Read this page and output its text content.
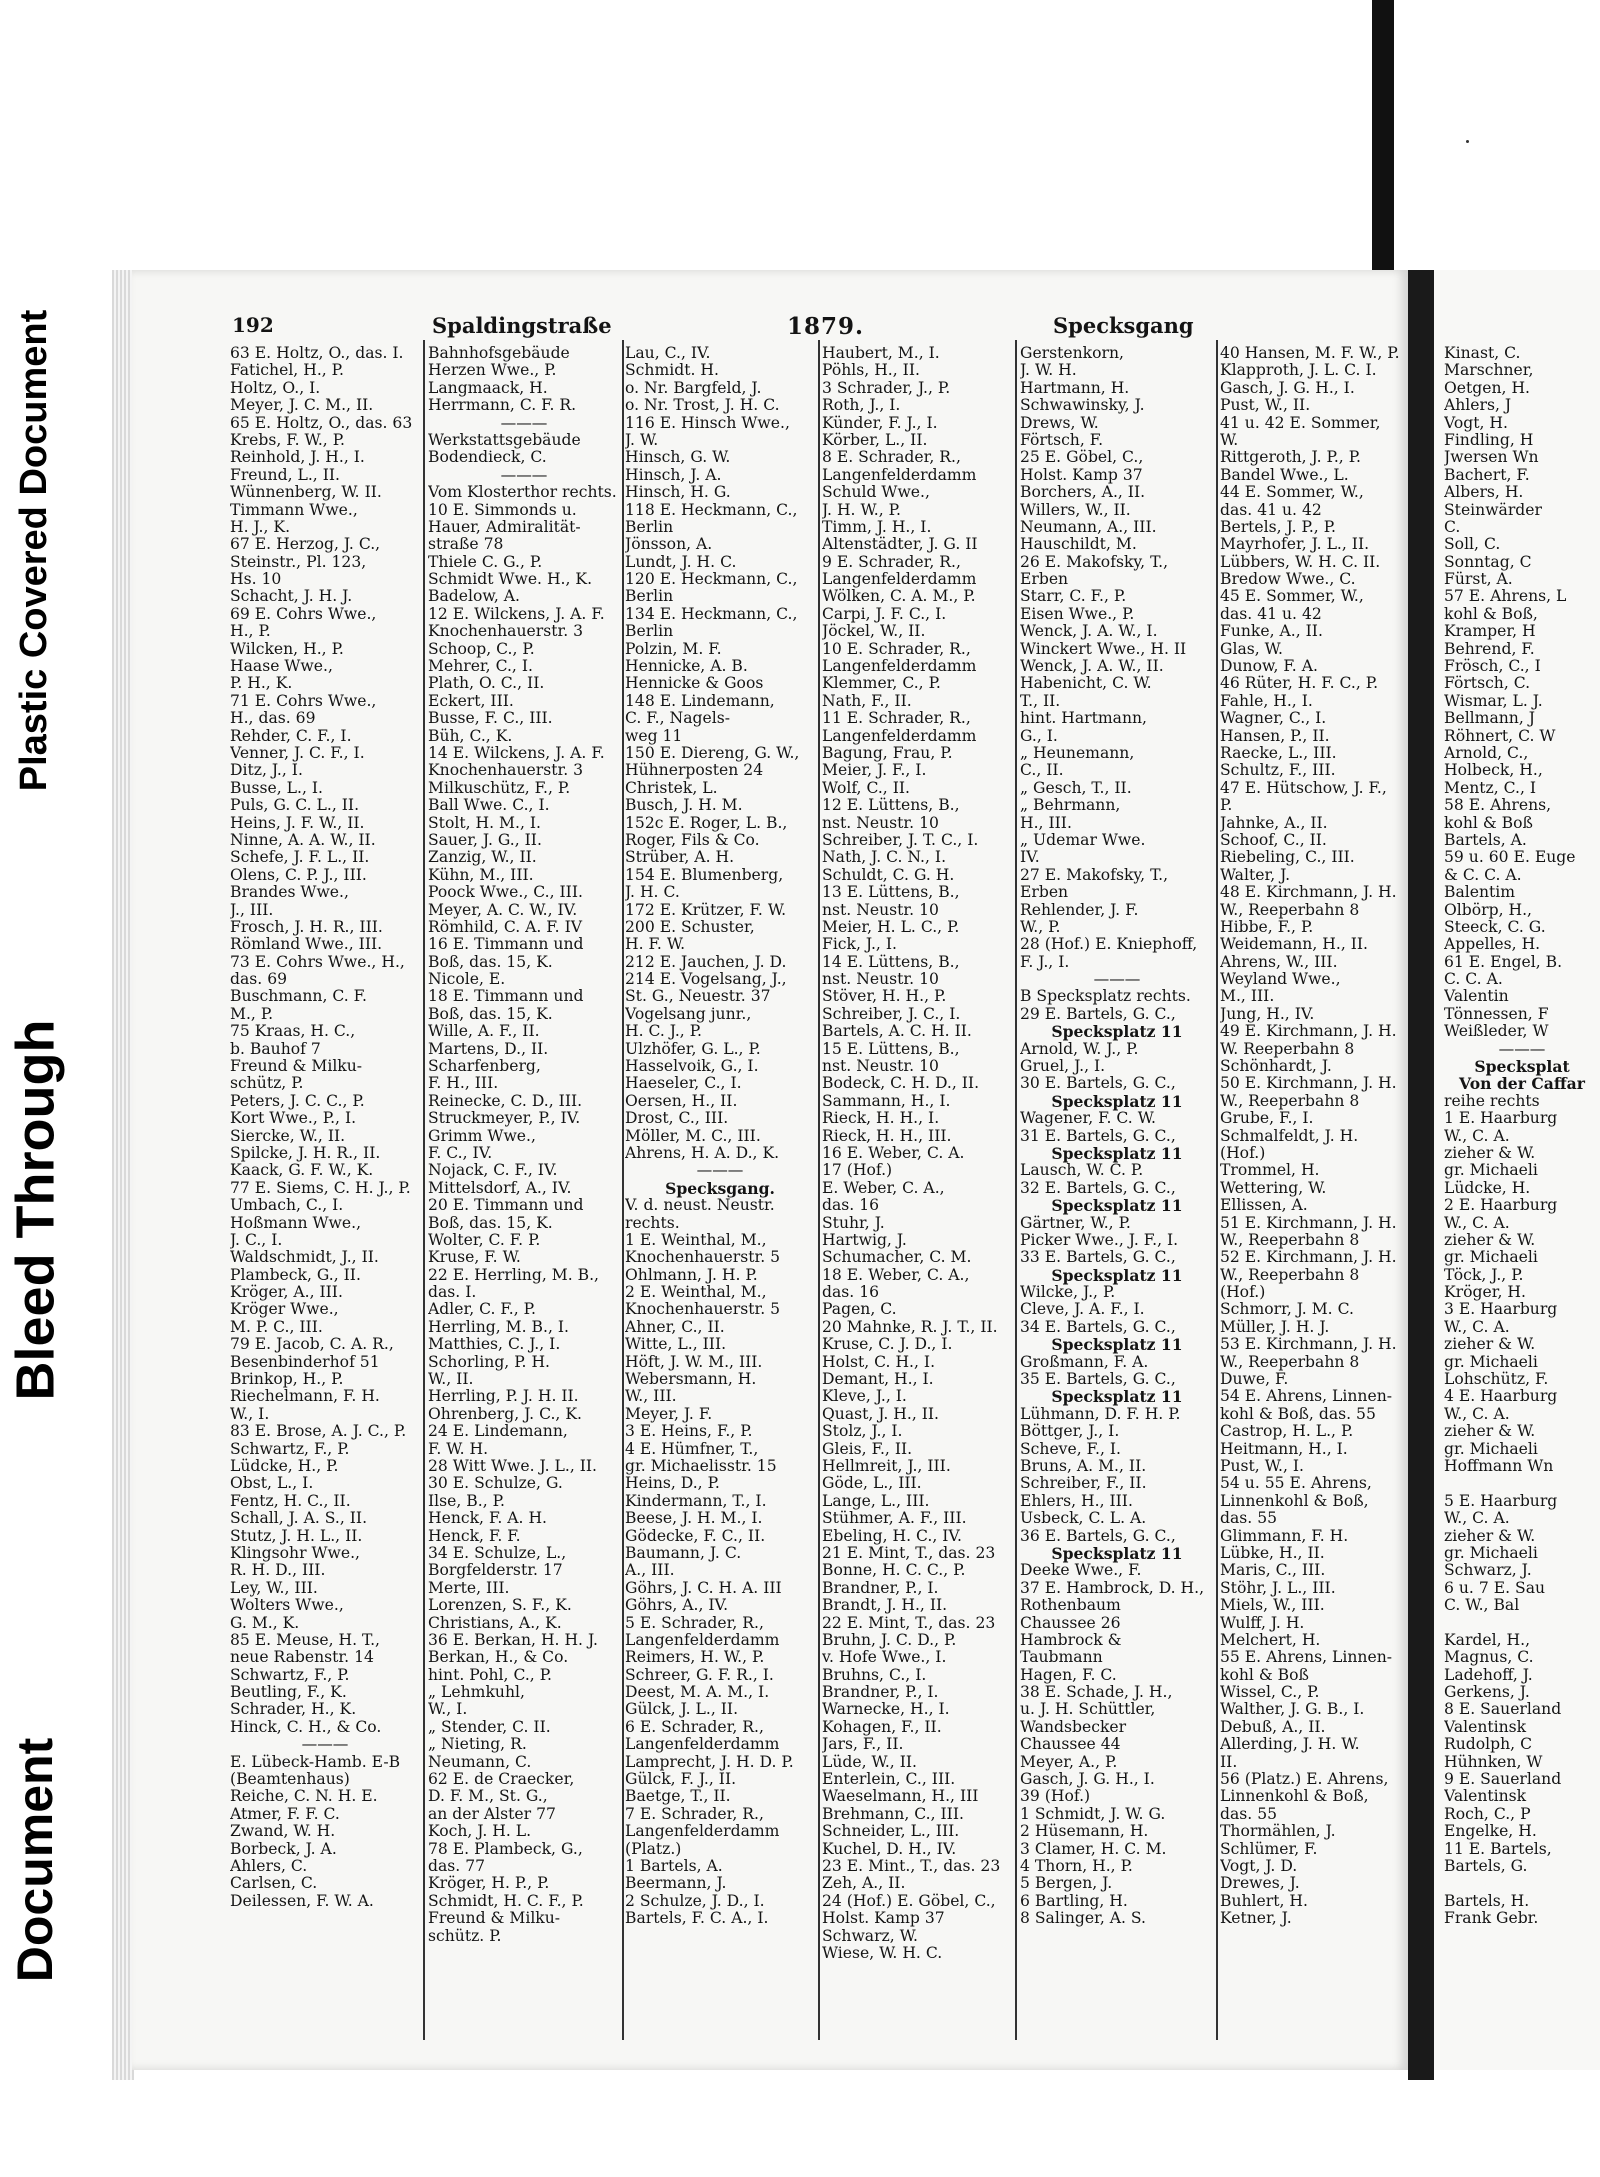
Plastic Covered Document
Bleed Through
Document
192	Spaldingstraße	1879.	Specksgang
63 E. Holtz, O., das. I.
Fatichel, H., P.
Holtz, O., I.
Meyer, J. C. M., II.
65 E. Holtz, O., das. 63
Krebs, F. W., P.
Reinhold, J. H., I.
Freund, L., II.
Wünnenberg, W. II.
Timmann Wwe.,
H. J., K.
67 E. Herzog, J. C.,
Steinstr., Pl. 123,
Hs. 10
Schacht, J. H. J.
69 E. Cohrs Wwe.,
H., P.
Wilcken, H., P.
Haase Wwe.,
P. H., K.
71 E. Cohrs Wwe.,
H., das. 69
Rehder, C. F., I.
Venner, J. C. F., I.
Ditz, J., I.
Busse, L., I.
Puls, G. C. L., II.
Heins, J. F. W., II.
Ninne, A. A. W., II.
Schefe, J. F. L., II.
Olens, C. P. J., III.
Brandes Wwe.,
J., III.
Frosch, J. H. R., III.
Römland Wwe., III.
73 E. Cohrs Wwe., H.,
das. 69
Buschmann, C. F.
M., P.
75 Kraas, H. C.,
b. Bauhof 7
Freund & Milku-
schütz, P.
Peters, J. C. C., P.
Kort Wwe., P., I.
Siercke, W., II.
Spilcke, J. H. R., II.
Kaack, G. F. W., K.
77 E. Siems, C. H. J., P.
Umbach, C., I.
Hoßmann Wwe.,
J. C., I.
Waldschmidt, J., II.
Plambeck, G., II.
Kröger, A., III.
Kröger Wwe.,
M. P. C., III.
79 E. Jacob, C. A. R.,
Besenbinderhof 51
Brinkop, H., P.
Riechelmann, F. H.
W., I.
83 E. Brose, A. J. C., P.
Schwartz, F., P.
Lüdcke, H., P.
Obst, L., I.
Fentz, H. C., II.
Schall, J. A. S., II.
Stutz, J. H. L., II.
Klingsohr Wwe.,
R. H. D., III.
Ley, W., III.
Wolters Wwe.,
G. M., K.
85 E. Meuse, H. T.,
neue Rabenstr. 14
Schwartz, F., P.
Beutling, F., K.
Schrader, H., K.
Hinck, C. H., & Co.
———
E. Lübeck-Hamb. E-B
(Beamtenhaus)
Reiche, C. N. H. E.
Atmer, F. F. C.
Zwand, W. H.
Borbeck, J. A.
Ahlers, C.
Carlsen, C.
Deilessen, F. W. A.
Bahnhofsgebäude
Herzen Wwe., P.
Langmaack, H.
Herrmann, C. F. R.
———
Werkstattsgebäude
Bodendieck, C.
———
Vom Klosterthor rechts.
10 E. Simmonds u.
Hauer, Admiralität-
straße 78
Thiele C. G., P.
Schmidt Wwe. H., K.
Badelow, A.
12 E. Wilckens, J. A. F.
Knochenhauerstr. 3
Schoop, C., P.
Mehrer, C., I.
Plath, O. C., II.
Eckert, III.
Busse, F. C., III.
Büh, C., K.
14 E. Wilckens, J. A. F.
Knochenhauerstr. 3
Milkuschütz, F., P.
Ball Wwe. C., I.
Stolt, H. M., I.
Sauer, J. G., II.
Zanzig, W., II.
Kühn, M., III.
Poock Wwe., C., III.
Meyer, A. C. W., IV.
Römhild, C. A. F. IV
16 E. Timmann und
Boß, das. 15, K.
Nicole, E.
18 E. Timmann und
Boß, das. 15, K.
Wille, A. F., II.
Martens, D., II.
Scharfenberg,
F. H., III.
Reinecke, C. D., III.
Struckmeyer, P., IV.
Grimm Wwe.,
F. C., IV.
Nojack, C. F., IV.
Mittelsdorf, A., IV.
20 E. Timmann und
Boß, das. 15, K.
Wolter, C. F. P.
Kruse, F. W.
22 E. Herrling, M. B.,
das. I.
Adler, C. F., P.
Herrling, M. B., I.
Matthies, C. J., I.
Schorling, P. H.
W., II.
Herrling, P. J. H. II.
Ohrenberg, J. C., K.
24 E. Lindemann,
F. W. H.
28 Witt Wwe. J. L., II.
30 E. Schulze, G.
Ilse, B., P.
Henck, F. A. H.
Henck, F. F.
34 E. Schulze, L.,
Borgfelderstr. 17
Merte, III.
Lorenzen, S. F., K.
Christians, A., K.
36 E. Berkan, H. H. J.
Berkan, H., & Co.
hint. Pohl, C., P.
„ Lehmkuhl,
W., I.
„ Stender, C. II.
„ Nieting, R.
Neumann, C.
62 E. de Craecker,
D. F. M., St. G.,
an der Alster 77
Koch, J. H. L.
78 E. Plambeck, G.,
das. 77
Kröger, H. P., P.
Schmidt, H. C. F., P.
Freund & Milku-
schütz. P.
Lau, C., IV.
Schmidt. H.
o. Nr. Bargfeld, J.
o. Nr. Trost, J. H. C.
116 E. Hinsch Wwe.,
J. W.
Hinsch, G. W.
Hinsch, J. A.
Hinsch, H. G.
118 E. Heckmann, C.,
Berlin
Jönsson, A.
Lundt, J. H. C.
120 E. Heckmann, C.,
Berlin
134 E. Heckmann, C.,
Berlin
Polzin, M. F.
Hennicke, A. B.
Hennicke & Goos
148 E. Lindemann,
C. F., Nagels-
weg 11
150 E. Diereng, G. W.,
Hühnerposten 24
Christek, L.
Busch, J. H. M.
152c E. Roger, L. B.,
Roger, Fils & Co.
Strüber, A. H.
154 E. Blumenberg,
J. H. C.
172 E. Krützer, F. W.
200 E. Schuster,
H. F. W.
212 E. Jauchen, J. D.
214 E. Vogelsang, J.,
St. G., Neuestr. 37
Vogelsang junr.,
H. C. J., P.
Ulzhöfer, G. L., P.
Hasselvoik, G., I.
Haeseler, C., I.
Oersen, H., II.
Drost, C., III.
Möller, M. C., III.
Ahrens, H. A. D., K.
———
Specksgang.
V. d. neust. Neustr.
rechts.
1 E. Weinthal, M.,
Knochenhauerstr. 5
Ohlmann, J. H. P.
2 E. Weinthal, M.,
Knochenhauerstr. 5
Ahner, C., II.
Witte, L., III.
Höft, J. W. M., III.
Webersmann, H.
W., III.
Meyer, J. F.
3 E. Heins, F., P.
4 E. Hümfner, T.,
gr. Michaelisstr. 15
Heins, D., P.
Kindermann, T., I.
Beese, J. H. M., I.
Gödecke, F. C., II.
Baumann, J. C.
A., III.
Göhrs, J. C. H. A. III
Göhrs, A., IV.
5 E. Schrader, R.,
Langenfelderdamm
Reimers, H. W., P.
Schreer, G. F. R., I.
Deest, M. A. M., I.
Gülck, J. L., II.
6 E. Schrader, R.,
Langenfelderdamm
Lamprecht, J. H. D. P.
Gülck, F. J., II.
Baetge, T., II.
7 E. Schrader, R.,
Langenfelderdamm
(Platz.)
1 Bartels, A.
Beermann, J.
2 Schulze, J. D., I.
Bartels, F. C. A., I.
Haubert, M., I.
Pöhls, H., II.
3 Schrader, J., P.
Roth, J., I.
Künder, F. J., I.
Körber, L., II.
8 E. Schrader, R.,
Langenfelderdamm
Schuld Wwe.,
J. H. W., P.
Timm, J. H., I.
Altenstädter, J. G. II
9 E. Schrader, R.,
Langenfelderdamm
Wölken, C. A. M., P.
Carpi, J. F. C., I.
Jöckel, W., II.
10 E. Schrader, R.,
Langenfelderdamm
Klemmer, C., P.
Nath, F., II.
11 E. Schrader, R.,
Langenfelderdamm
Bagung, Frau, P.
Meier, J. F., I.
Wolf, C., II.
12 E. Lüttens, B.,
nst. Neustr. 10
Schreiber, J. T. C., I.
Nath, J. C. N., I.
Schuldt, C. G. H.
13 E. Lüttens, B.,
nst. Neustr. 10
Meier, H. L. C., P.
Fick, J., I.
14 E. Lüttens, B.,
nst. Neustr. 10
Stöver, H. H., P.
Schreiber, J. C., I.
Bartels, A. C. H. II.
15 E. Lüttens, B.,
nst. Neustr. 10
Bodeck, C. H. D., II.
Sammann, H., I.
Rieck, H. H., I.
Rieck, H. H., III.
16 E. Weber, C. A.
17 (Hof.)
E. Weber, C. A.,
das. 16
Stuhr, J.
Hartwig, J.
Schumacher, C. M.
18 E. Weber, C. A.,
das. 16
Pagen, C.
20 Mahnke, R. J. T., II.
Kruse, C. J. D., I.
Holst, C. H., I.
Demant, H., I.
Kleve, J., I.
Quast, J. H., II.
Stolz, J., I.
Gleis, F., II.
Hellmreit, J., III.
Göde, L., III.
Lange, L., III.
Stühmer, A. F., III.
Ebeling, H. C., IV.
21 E. Mint, T., das. 23
Bonne, H. C. C., P.
Brandner, P., I.
Brandt, J. H., II.
22 E. Mint, T., das. 23
Bruhn, J. C. D., P.
v. Hofe Wwe., I.
Bruhns, C., I.
Brandner, P., I.
Warnecke, H., I.
Kohagen, F., II.
Jars, F., II.
Lüde, W., II.
Enterlein, C., III.
Waeselmann, H., III
Brehmann, C., III.
Schneider, L., III.
Kuchel, D. H., IV.
23 E. Mint., T., das. 23
Zeh, A., II.
24 (Hof.) E. Göbel, C.,
Holst. Kamp 37
Schwarz, W.
Wiese, W. H. C.
Gerstenkorn,
J. W. H.
Hartmann, H.
Schwawinsky, J.
Drews, W.
Förtsch, F.
25 E. Göbel, C.,
Holst. Kamp 37
Borchers, A., II.
Willers, W., II.
Neumann, A., III.
Hauschildt, M.
26 E. Makofsky, T.,
Erben
Starr, C. F., P.
Eisen Wwe., P.
Wenck, J. A. W., I.
Winckert Wwe., H. II
Wenck, J. A. W., II.
Habenicht, C. W.
T., II.
hint. Hartmann,
G., I.
„ Heunemann,
C., II.
„ Gesch, T., II.
„ Behrmann,
H., III.
„ Udemar Wwe.
IV.
27 E. Makofsky, T.,
Erben
Rehlender, J. F.
W., P.
28 (Hof.) E. Kniephoff,
F. J., I.
———
B Specksplatz rechts.
29 E. Bartels, G. C.,
Specksplatz 11
Arnold, W. J., P.
Gruel, J., I.
30 E. Bartels, G. C.,
Specksplatz 11
Wagener, F. C. W.
31 E. Bartels, G. C.,
Specksplatz 11
Lausch, W. C. P.
32 E. Bartels, G. C.,
Specksplatz 11
Gärtner, W., P.
Picker Wwe., J. F., I.
33 E. Bartels, G. C.,
Specksplatz 11
Wilcke, J., P.
Cleve, J. A. F., I.
34 E. Bartels, G. C.,
Specksplatz 11
Großmann, F. A.
35 E. Bartels, G. C.,
Specksplatz 11
Lühmann, D. F. H. P.
Böttger, J., I.
Scheve, F., I.
Bruns, A. M., II.
Schreiber, F., II.
Ehlers, H., III.
Usbeck, C. L. A.
36 E. Bartels, G. C.,
Specksplatz 11
Deeke Wwe., F.
37 E. Hambrock, D. H.,
Rothenbaum
Chaussee 26
Hambrock &
Taubmann
Hagen, F. C.
38 E. Schade, J. H.,
u. J. H. Schüttler,
Wandsbecker
Chaussee 44
Meyer, A., P.
Gasch, J. G. H., I.
39 (Hof.)
1 Schmidt, J. W. G.
2 Hüsemann, H.
3 Clamer, H. C. M.
4 Thorn, H., P.
5 Bergen, J.
6 Bartling, H.
8 Salinger, A. S.
40 Hansen, M. F. W., P.
Klapproth, J. L. C. I.
Gasch, J. G. H., I.
Pust, W., II.
41 u. 42 E. Sommer,
W.
Rittgeroth, J. P., P.
Bandel Wwe., L.
44 E. Sommer, W.,
das. 41 u. 42
Bertels, J. P., P.
Mayrhofer, J. L., II.
Lübbers, W. H. C. II.
Bredow Wwe., C.
45 E. Sommer, W.,
das. 41 u. 42
Funke, A., II.
Glas, W.
Dunow, F. A.
46 Rüter, H. F. C., P.
Fahle, H., I.
Wagner, C., I.
Hansen, P., II.
Raecke, L., III.
Schultz, F., III.
47 E. Hütschow, J. F.,
P.
Jahnke, A., II.
Schoof, C., II.
Riebeling, C., III.
Walter, J.
48 E. Kirchmann, J. H.
W., Reeperbahn 8
Hibbe, F., P.
Weidemann, H., II.
Ahrens, W., III.
Weyland Wwe.,
M., III.
Jung, H., IV.
49 E. Kirchmann, J. H.
W. Reeperbahn 8
Schönhardt, J.
50 E. Kirchmann, J. H.
W., Reeperbahn 8
Grube, F., I.
Schmalfeldt, J. H.
(Hof.)
Trommel, H.
Wettering, W.
Ellissen, A.
51 E. Kirchmann, J. H.
W., Reeperbahn 8
52 E. Kirchmann, J. H.
W., Reeperbahn 8
(Hof.)
Schmorr, J. M. C.
Müller, J. H. J.
53 E. Kirchmann, J. H.
W., Reeperbahn 8
Duwe, F.
54 E. Ahrens, Linnen-
kohl & Boß, das. 55
Castrop, H. L., P.
Heitmann, H., I.
Pust, W., I.
54 u. 55 E. Ahrens,
Linnenkohl & Boß,
das. 55
Glimmann, F. H.
Lübke, H., II.
Maris, C., III.
Stöhr, J. L., III.
Miels, W., III.
Wulff, J. H.
Melchert, H.
55 E. Ahrens, Linnen-
kohl & Boß
Wissel, C., P.
Walther, J. G. B., I.
Debuß, A., II.
Allerding, J. H. W.
II.
56 (Platz.) E. Ahrens,
Linnenkohl & Boß,
das. 55
Thormählen, J.
Schlümer, F.
Vogt, J. D.
Drewes, J.
Buhlert, H.
Ketner, J.
Kinast, C.
Marschner,
Oetgen, H.
Ahlers, J
Vogt, H.
Findling, H
Jwersen Wn
Bachert, F.
Albers, H.
Steinwärder
C.
Soll, C.
Sonntag, C
Fürst, A.
57 E. Ahrens, L
kohl & Boß,
Kramper, H
Behrend, F.
Frösch, C., I
Förtsch, C.
Wismar, L. J.
Bellmann, J
Röhnert, C. W
Arnold, C.,
Holbeck, H.,
Mentz, C., I
58 E. Ahrens,
kohl & Boß
Bartels, A.
59 u. 60 E. Euge
& C. C. A.
Balentim
Olbörp, H.,
Steeck, C. G.
Appelles, H.
61 E. Engel, B.
C. C. A.
Valentin
Tönnessen, F
Weißleder, W
———
Specksplat
Von der Caffar
reihe rechts
1 E. Haarburg
W., C. A.
zieher & W.
gr. Michaeli
Lüdcke, H.
2 E. Haarburg
W., C. A.
zieher & W.
gr. Michaeli
Töck, J., P.
Kröger, H.
3 E. Haarburg
W., C. A.
zieher & W.
gr. Michaeli
Lohschütz, F.
4 E. Haarburg
W., C. A.
zieher & W.
gr. Michaeli
Hoffmann Wn
5 E. Haarburg
W., C. A.
zieher & W.
gr. Michaeli
Schwarz, J.
6 u. 7 E. Sau
C. W., Bal
Kardel, H.,
Magnus, C.
Ladehoff, J.
Gerkens, J.
8 E. Sauerland
Valentinsk
Rudolph, C
Hühnken, W
9 E. Sauerland
Valentinsk
Roch, C., P
Engelke, H.
11 E. Bartels,
Bartels, G.
Bartels, H.
Frank Gebr.
